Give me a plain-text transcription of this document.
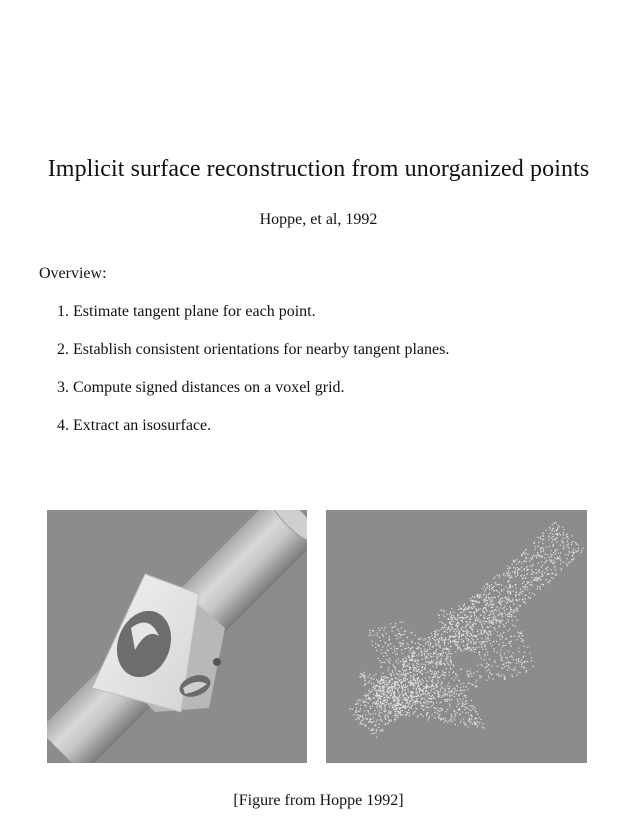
Implicit surface reconstruction from unorganized points
Hoppe, et al, 1992
Overview:
1. Estimate tangent plane for each point.
2. Establish consistent orientations for nearby tangent planes.
3. Compute signed distances on a voxel grid.
4. Extract an isosurface.
[Figure from Hoppe 1992]
